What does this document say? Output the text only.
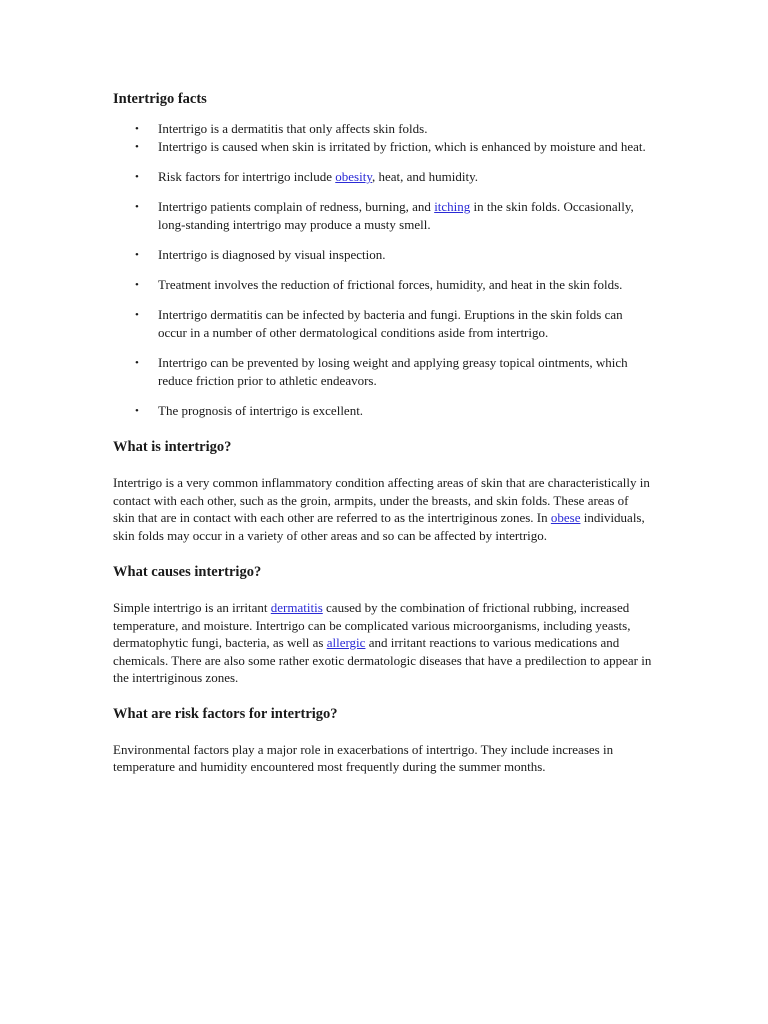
Intertrigo facts
• Intertrigo is a dermatitis that only affects skin folds.
• Intertrigo is caused when skin is irritated by friction, which is enhanced by moisture and heat.
• Risk factors for intertrigo include obesity, heat, and humidity.
• Intertrigo patients complain of redness, burning, and itching in the skin folds. Occasionally, long-standing intertrigo may produce a musty smell.
• Intertrigo is diagnosed by visual inspection.
• Treatment involves the reduction of frictional forces, humidity, and heat in the skin folds.
• Intertrigo dermatitis can be infected by bacteria and fungi. Eruptions in the skin folds can occur in a number of other dermatological conditions aside from intertrigo.
• Intertrigo can be prevented by losing weight and applying greasy topical ointments, which reduce friction prior to athletic endeavors.
• The prognosis of intertrigo is excellent.
What is intertrigo?

Intertrigo is a very common inflammatory condition affecting areas of skin that are characteristically in contact with each other, such as the groin, armpits, under the breasts, and skin folds. These areas of skin that are in contact with each other are referred to as the intertriginous zones. In obese individuals, skin folds may occur in a variety of other areas and so can be affected by intertrigo.

What causes intertrigo?

Simple intertrigo is an irritant dermatitis caused by the combination of frictional rubbing, increased temperature, and moisture. Intertrigo can be complicated various microorganisms, including yeasts, dermatophytic fungi, bacteria, as well as allergic and irritant reactions to various medications and chemicals. There are also some rather exotic dermatologic diseases that have a predilection to appear in the intertriginous zones.

What are risk factors for intertrigo?

Environmental factors play a major role in exacerbations of intertrigo. They include increases in temperature and humidity encountered most frequently during the summer months.
